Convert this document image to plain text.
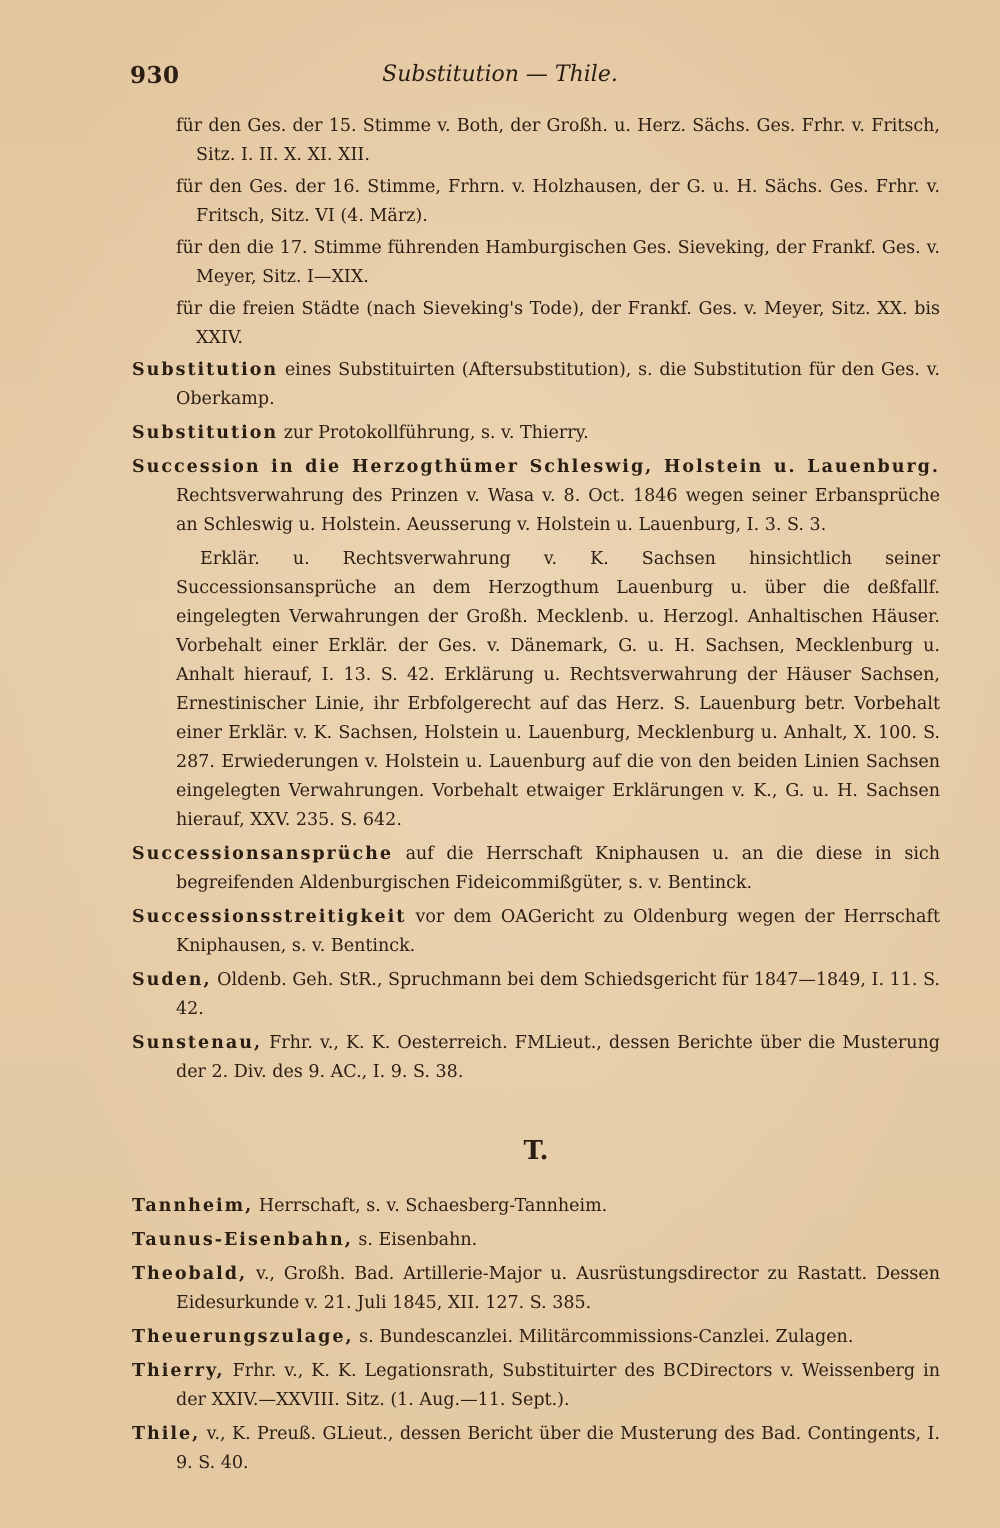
930	Substitution — Thile.

für den Ges. der 15. Stimme v. Both, der Großh. u. Herz. Sächs. Ges. Frhr. v. Fritsch, Sitz. I. II. X. XI. XII.

für den Ges. der 16. Stimme, Frhrn. v. Holzhausen, der G. u. H. Sächs. Ges. Frhr. v. Fritsch, Sitz. VI (4. März).

für den die 17. Stimme führenden Hamburgischen Ges. Sieveking, der Frankf. Ges. v. Meyer, Sitz. I—XIX.

für die freien Städte (nach Sieveking's Tode), der Frankf. Ges. v. Meyer, Sitz. XX. bis XXIV.

Substitution eines Substituirten (Aftersubstitution), s. die Substitution für den Ges. v. Oberkamp.

Substitution zur Protokollführung, s. v. Thierry.

Succession in die Herzogthümer Schleswig, Holstein u. Lauenburg. Rechtsverwahrung des Prinzen v. Wasa v. 8. Oct. 1846 wegen seiner Erbansprüche an Schleswig u. Holstein. Aeusserung v. Holstein u. Lauenburg, I. 3. S. 3.

Erklär. u. Rechtsverwahrung v. K. Sachsen hinsichtlich seiner Successionsansprüche an dem Herzogthum Lauenburg u. über die deßfallf. eingelegten Verwahrungen der Großh. Mecklenb. u. Herzogl. Anhaltischen Häuser. Vorbehalt einer Erklär. der Ges. v. Dänemark, G. u. H. Sachsen, Mecklenburg u. Anhalt hierauf, I. 13. S. 42. Erklärung u. Rechtsverwahrung der Häuser Sachsen, Ernestinischer Linie, ihr Erbfolgerecht auf das Herz. S. Lauenburg betr. Vorbehalt einer Erklär. v. K. Sachsen, Holstein u. Lauenburg, Mecklenburg u. Anhalt, X. 100. S. 287. Erwiederungen v. Holstein u. Lauenburg auf die von den beiden Linien Sachsen eingelegten Verwahrungen. Vorbehalt etwaiger Erklärungen v. K., G. u. H. Sachsen hierauf, XXV. 235. S. 642.

Successionsansprüche auf die Herrschaft Kniphausen u. an die diese in sich begreifenden Aldenburgischen Fideicommißgüter, s. v. Bentinck.

Successionsstreitigkeit vor dem OAGericht zu Oldenburg wegen der Herrschaft Kniphausen, s. v. Bentinck.

Suden, Oldenb. Geh. StR., Spruchmann bei dem Schiedsgericht für 1847—1849, I. 11. S. 42.

Sunstenau, Frhr. v., K. K. Oesterreich. FMLieut., dessen Berichte über die Musterung der 2. Div. des 9. AC., I. 9. S. 38.

T.

Tannheim, Herrschaft, s. v. Schaesberg-Tannheim.

Taunus-Eisenbahn, s. Eisenbahn.

Theobald, v., Großh. Bad. Artillerie-Major u. Ausrüstungsdirector zu Rastatt. Dessen Eidesurkunde v. 21. Juli 1845, XII. 127. S. 385.

Theuerungszulage, s. Bundescanzlei. Militärcommissions-Canzlei. Zulagen.

Thierry, Frhr. v., K. K. Legationsrath, Substituirter des BCDirectors v. Weissenberg in der XXIV.—XXVIII. Sitz. (1. Aug.—11. Sept.).

Thile, v., K. Preuß. GLieut., dessen Bericht über die Musterung des Bad. Contingents, I. 9. S. 40.
